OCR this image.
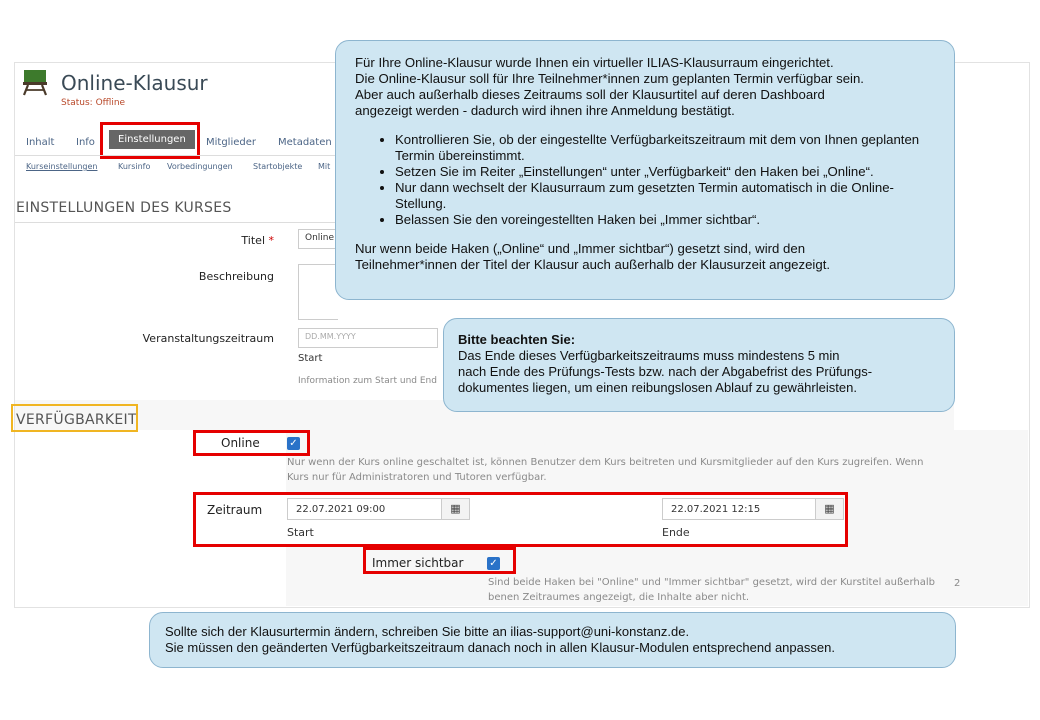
Online-Klausur
Status: Offline
Inhalt Info	Einstellungen	Mitglieder Metadaten
Kurseinstellungen	Kursinfo Vorbedingungen	Startobjekte Mit
EINSTELLUNGEN DES KURSES
Titel *	Online
Beschreibung
Veranstaltungszeitraum	DD.MM.YYYY
Start
Information zum Start und End
VERFÜGBARKEIT
Online	✓
Nur wenn der Kurs online geschaltet ist, können Benutzer dem Kurs beitreten und Kursmitglieder auf den Kurs zugreifen. Wenn
Kurs nur für Administratoren und Tutoren verfügbar.
Zeitraum	22.07.2021 09:00	▦
Start
22.07.2021 12:15	▦
Ende
Immer sichtbar	✓
Sind beide Haken bei "Online" und "Immer sichtbar" gesetzt, wird der Kurstitel außerhalb
benen Zeitraumes angezeigt, die Inhalte aber nicht.
2

Für Ihre Online-Klausur wurde Ihnen ein virtueller ILIAS-Klausurraum eingerichtet.

Die Online-Klausur soll für Ihre Teilnehmer*innen zum geplanten Termin verfügbar sein.

Aber auch außerhalb dieses Zeitraums soll der Klausurtitel auf deren Dashboard

angezeigt werden - dadurch wird ihnen ihre Anmeldung bestätigt.

• Kontrollieren Sie, ob der eingestellte Verfügbarkeitszeitraum mit dem von Ihnen geplanten Termin übereinstimmt.
• Setzen Sie im Reiter „Einstellungen“ unter „Verfügbarkeit“ den Haken bei „Online“.
• Nur dann wechselt der Klausurraum zum gesetzten Termin automatisch in die Online-Stellung.
• Belassen Sie den voreingestellten Haken bei „Immer sichtbar“.

Nur wenn beide Haken („Online“ und „Immer sichtbar“) gesetzt sind, wird den

Teilnehmer*innen der Titel der Klausur auch außerhalb der Klausurzeit angezeigt.

Bitte beachten Sie:

Das Ende dieses Verfügbarkeitszeitraums muss mindestens 5 min

nach Ende des Prüfungs-Tests bzw. nach der Abgabefrist des Prüfungs-

dokumentes liegen, um einen reibungslosen Ablauf zu gewährleisten.

Sollte sich der Klausurtermin ändern, schreiben Sie bitte an ilias-support@uni-konstanz.de.

Sie müssen den geänderten Verfügbarkeitszeitraum danach noch in allen Klausur-Modulen entsprechend anpassen.
